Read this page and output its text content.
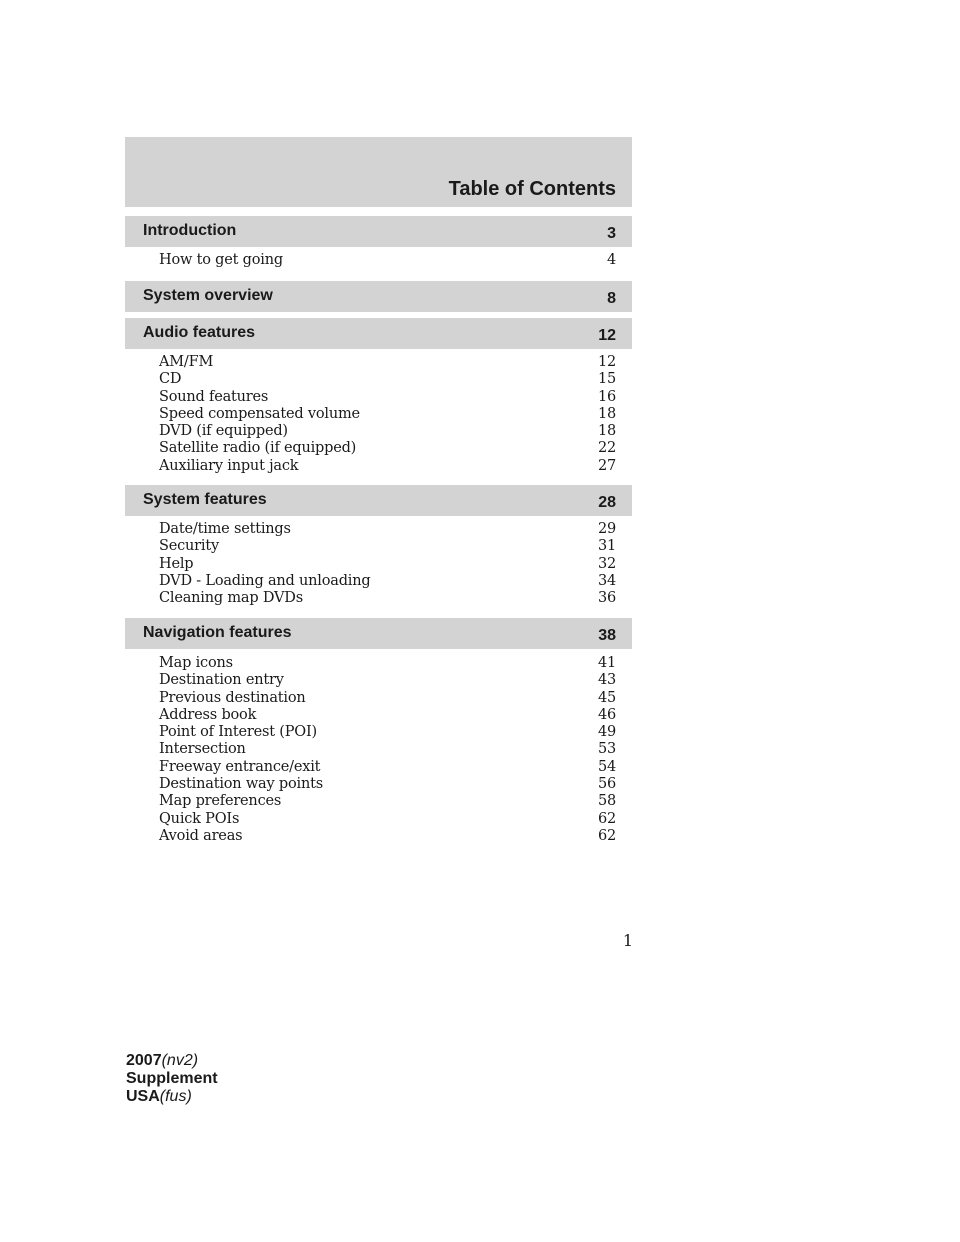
Table of Contents
Introduction	3
How to get going	4
System overview	8
Audio features	12
AM/FM	12
CD	15
Sound features	16
Speed compensated volume	18
DVD (if equipped)	18
Satellite radio (if equipped)	22
Auxiliary input jack	27
System features	28
Date/time settings	29
Security	31
Help	32
DVD - Loading and unloading	34
Cleaning map DVDs	36
Navigation features	38
Map icons	41
Destination entry	43
Previous destination	45
Address book	46
Point of Interest (POI)	49
Intersection	53
Freeway entrance/exit	54
Destination way points	56
Map preferences	58
Quick POIs	62
Avoid areas	62
1
2007(nv2)
Supplement
USA(fus)
